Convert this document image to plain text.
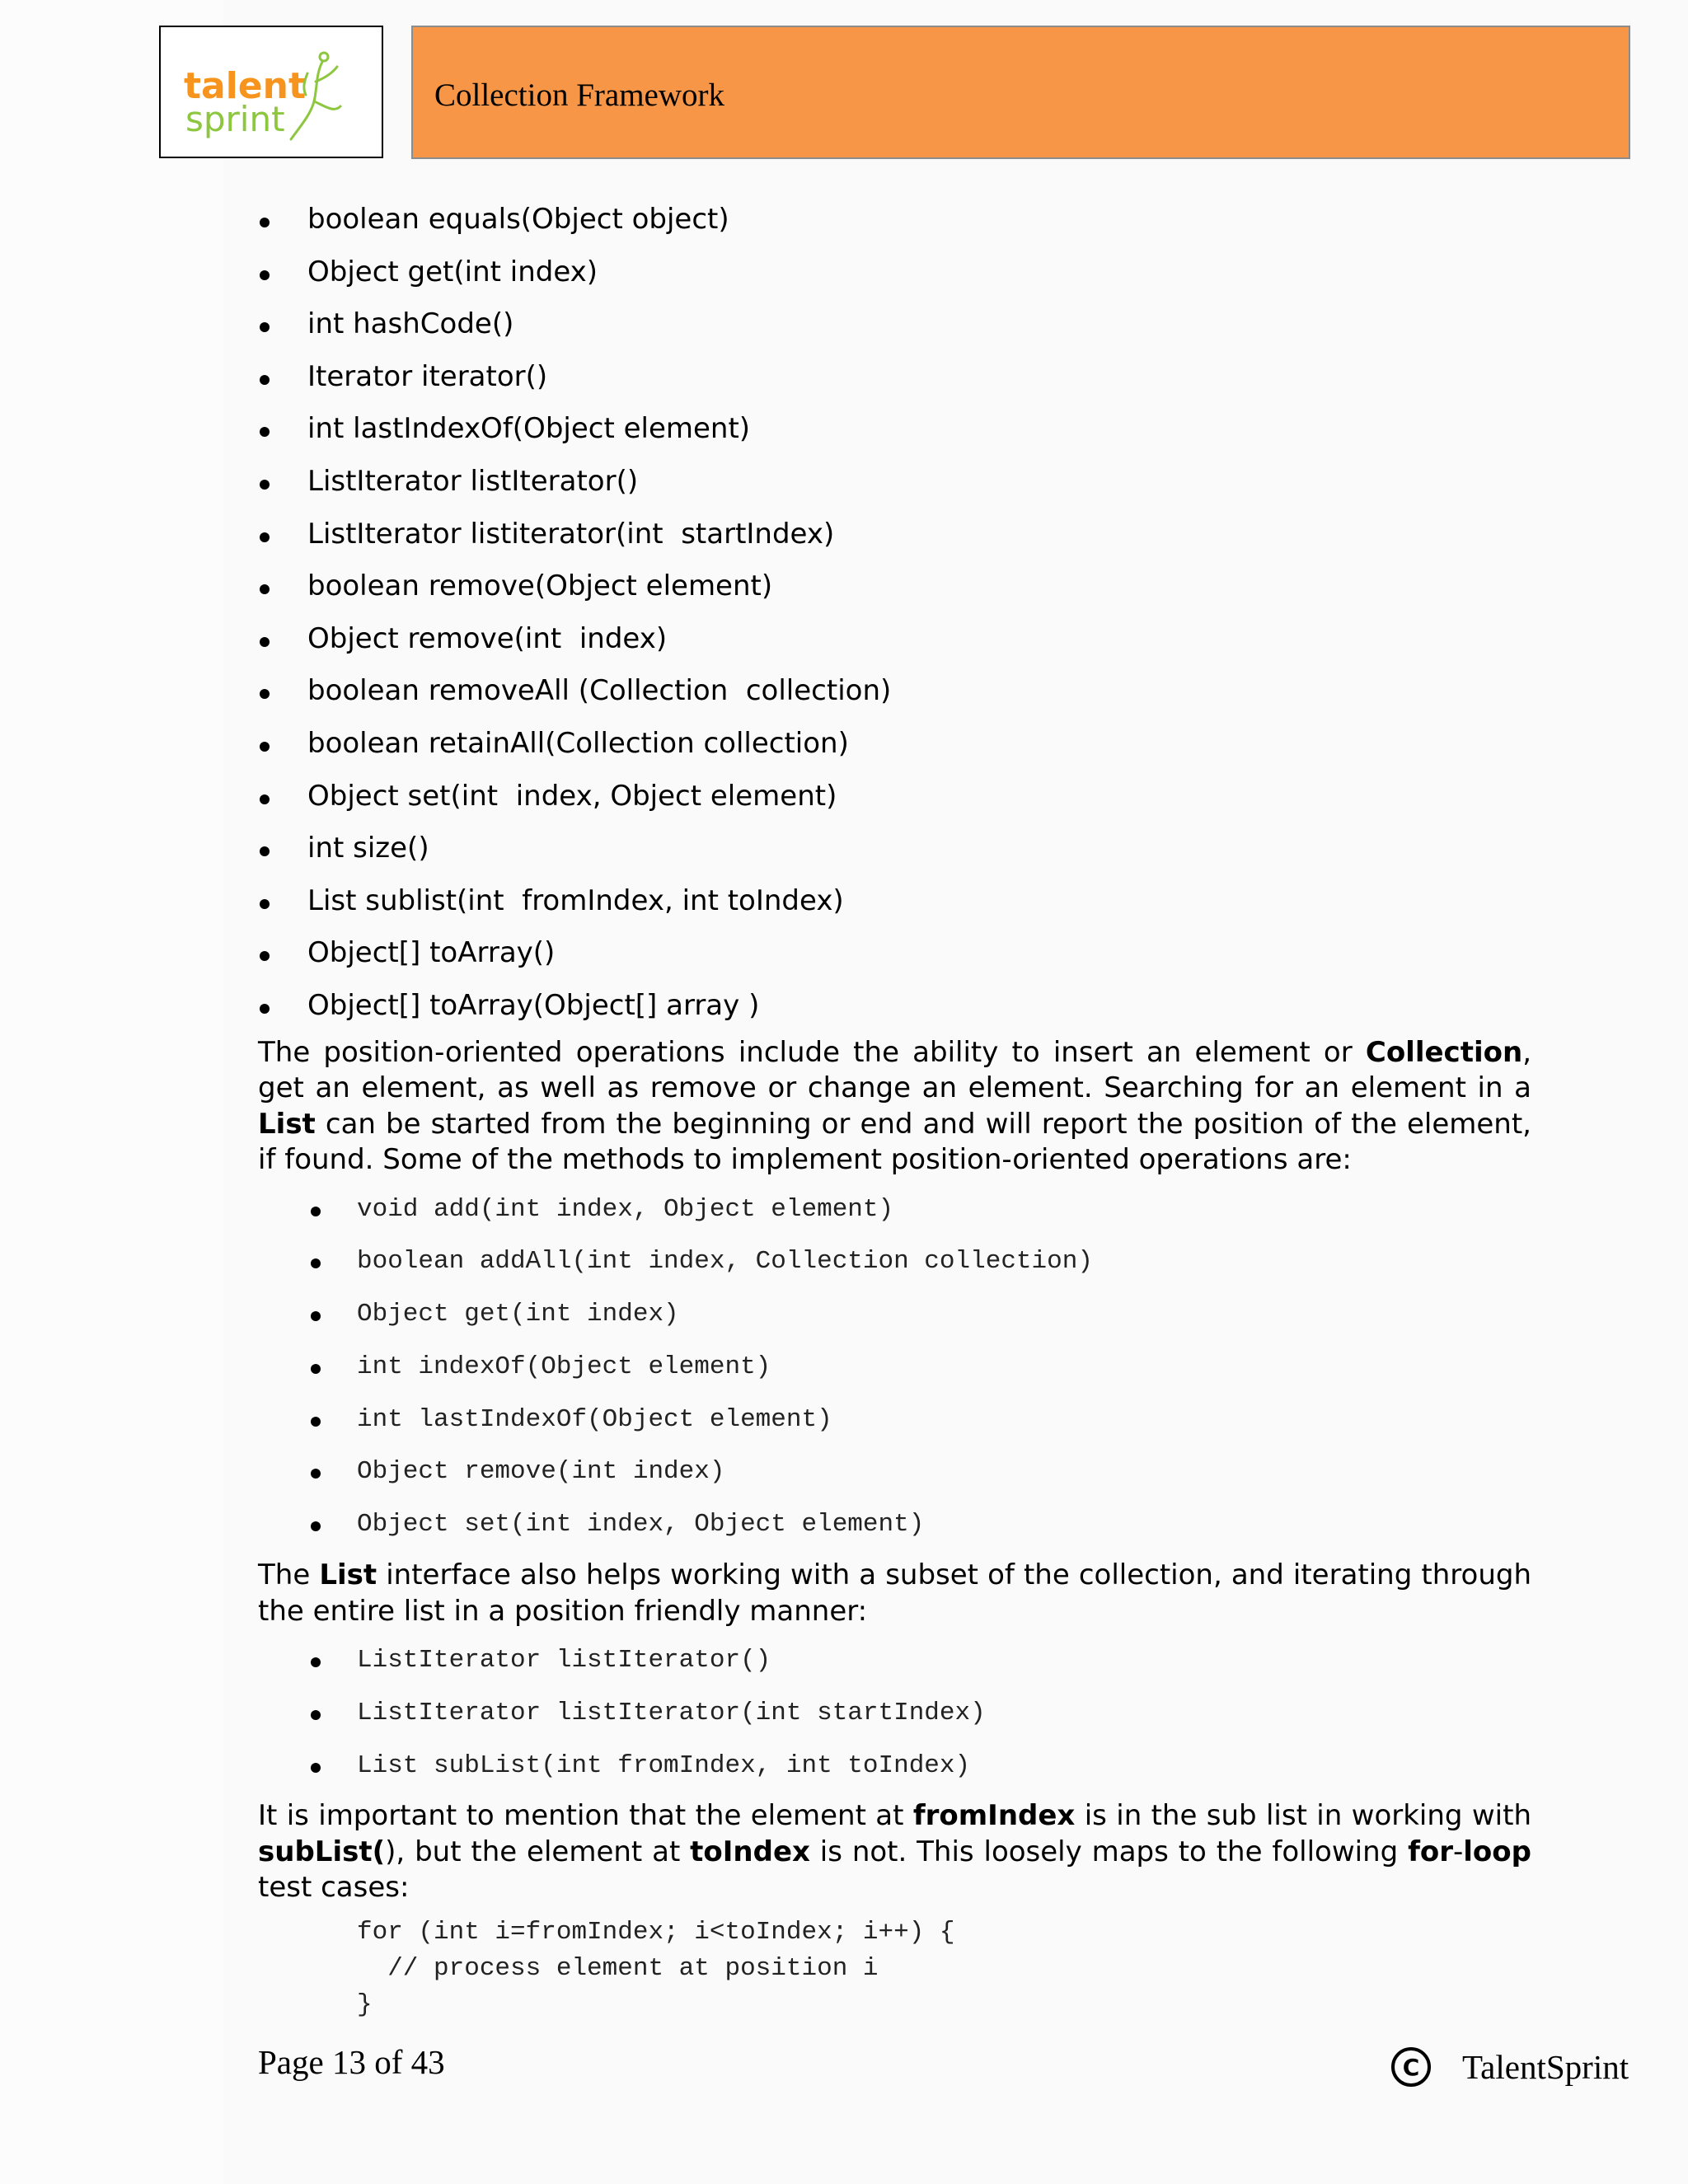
talent
sprint
Collection Framework
boolean equals(Object object)
Object get(int index)
int hashCode()
Iterator iterator()
int lastIndexOf(Object element)
ListIterator listIterator()
ListIterator listiterator(int  startIndex)
boolean remove(Object element)
Object remove(int  index)
boolean removeAll (Collection  collection)
boolean retainAll(Collection collection)
Object set(int  index, Object element)
int size()
List sublist(int  fromIndex, int toIndex)
Object[] toArray()
Object[] toArray(Object[] array )

The position-oriented operations include the ability to insert an element or Collection, get an element, as well as remove or change an element. Searching for an element in a List can be started from the beginning or end and will report the position of the element, if found. Some of the methods to implement position-oriented operations are:

void add(int index, Object element)
boolean addAll(int index, Collection collection)
Object get(int index)
int indexOf(Object element)
int lastIndexOf(Object element)
Object remove(int index)
Object set(int index, Object element)

The List interface also helps working with a subset of the collection, and iterating through the entire list in a position friendly manner:

ListIterator listIterator()
ListIterator listIterator(int startIndex)
List subList(int fromIndex, int toIndex)

It is important to mention that the element at fromIndex is in the sub list in working with subList(), but the element at toIndex is not. This loosely maps to the following for-loop test cases:

for (int i=fromIndex; i<toIndex; i++) {
// process element at position i
}
Page 13 of 43	C	TalentSprint
